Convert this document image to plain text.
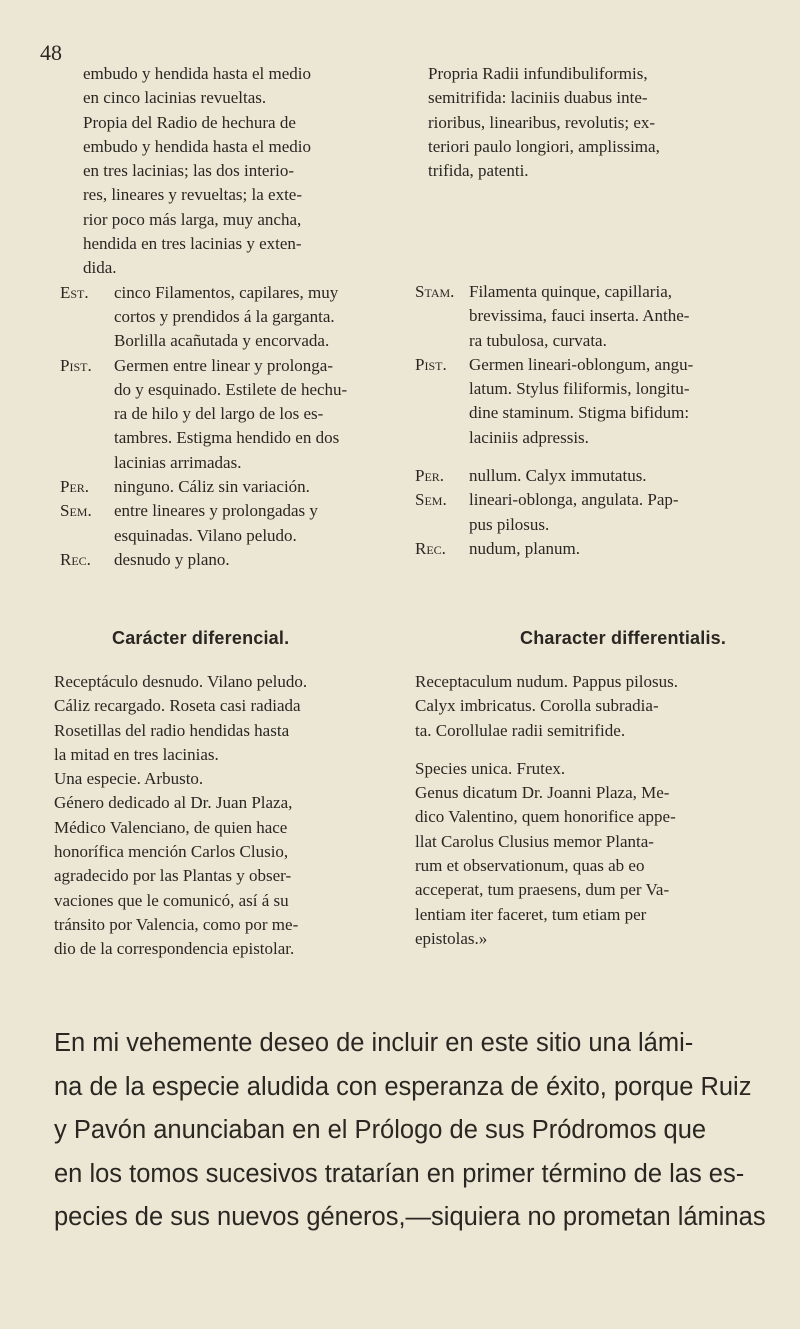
48

embudo y hendida hasta el medio
en cinco lacinias revueltas.
Propia del Radio de hechura de
embudo y hendida hasta el medio
en tres lacinias; las dos interio-
res, lineares y revueltas; la exte-
rior poco más larga, muy ancha,
hendida en tres lacinias y exten-
dida.

Est.	cinco Filamentos, capilares, muy
cortos y prendidos á la garganta.
Borlilla acañutada y encorvada.
Pist.	Germen entre linear y prolonga-
do y esquinado. Estilete de hechu-
ra de hilo y del largo de los es-
tambres. Estigma hendido en dos
lacinias arrimadas.
Per.	ninguno. Cáliz sin variación.
Sem.	entre lineares y prolongadas y
esquinadas. Vilano peludo.
Rec.	desnudo y plano.

Propria Radii infundibuliformis,
semitrifida: laciniis duabus inte-
rioribus, linearibus, revolutis; ex-
teriori paulo longiori, amplissima,
trifida, patenti.

Stam. Filamenta quinque, capillaria,
brevissima, fauci inserta. Anthe-
ra tubulosa, curvata.
Pist.	Germen lineari-oblongum, angu-
latum. Stylus filiformis, longitu-
dine staminum. Stigma bifidum:
laciniis adpressis.
Per.	nullum. Calyx immutatus.
Sem.	lineari-oblonga, angulata. Pap-
pus pilosus.
Rec.	nudum, planum.
Carácter diferencial.	Character differentialis.
Receptáculo desnudo. Vilano peludo.
Cáliz recargado. Roseta casi radiada
Rosetillas del radio hendidas hasta
la mitad en tres lacinias.
Una especie. Arbusto.
Género dedicado al Dr. Juan Plaza,
Médico Valenciano, de quien hace
honorífica mención Carlos Clusio,
agradecido por las Plantas y obser-
vaciones que le comunicó, así á su
tránsito por Valencia, como por me-
dio de la correspondencia epistolar.
Receptaculum nudum. Pappus pilosus.
Calyx imbricatus. Corolla subradia-
ta. Corollulae radii semitrifide.

Species unica. Frutex.
Genus dicatum Dr. Joanni Plaza, Me-
dico Valentino, quem honorifice appe-
llat Carolus Clusius memor Planta-
rum et observationum, quas ab eo
acceperat, tum praesens, dum per Va-
lentiam iter faceret, tum etiam per
epistolas.»

En mi vehemente deseo de incluir en este sitio una lámi-

na de la especie aludida con esperanza de éxito, porque Ruiz

y Pavón anunciaban en el Prólogo de sus Pródromos que

en los tomos sucesivos tratarían en primer término de las es-

pecies de sus nuevos géneros,—siquiera no prometan láminas
